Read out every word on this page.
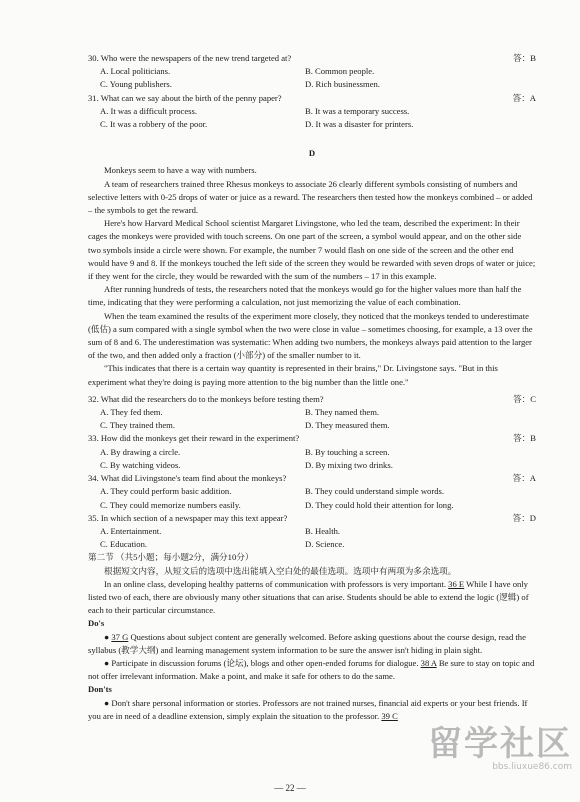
30. Who were the newspapers of the new trend targeted at?	答：B
A. Local politicians.	B. Common people.
C. Young publishers.	D. Rich businessmen.
31. What can we say about the birth of the penny paper?	答：A
A. It was a difficult process.	B. It was a temporary success.
C. It was a robbery of the poor.	D. It was a disaster for printers.
D

Monkeys seem to have a way with numbers.

A team of researchers trained three Rhesus monkeys to associate 26 clearly different symbols consisting of numbers and selective letters with 0-25 drops of water or juice as a reward. The researchers then tested how the monkeys combined – or added – the symbols to get the reward.

Here's how Harvard Medical School scientist Margaret Livingstone, who led the team, described the experiment: In their cages the monkeys were provided with touch screens. On one part of the screen, a symbol would appear, and on the other side two symbols inside a circle were shown. For example, the number 7 would flash on one side of the screen and the other end would have 9 and 8. If the monkeys touched the left side of the screen they would be rewarded with seven drops of water or juice; if they went for the circle, they would be rewarded with the sum of the numbers – 17 in this example.

After running hundreds of tests, the researchers noted that the monkeys would go for the higher values more than half the time, indicating that they were performing a calculation, not just memorizing the value of each combination.

When the team examined the results of the experiment more closely, they noticed that the monkeys tended to underestimate (低估) a sum compared with a single symbol when the two were close in value – sometimes choosing, for example, a 13 over the sum of 8 and 6. The underestimation was systematic: When adding two numbers, the monkeys always paid attention to the larger of the two, and then added only a fraction (小部分) of the smaller number to it.

"This indicates that there is a certain way quantity is represented in their brains," Dr. Livingstone says. "But in this experiment what they're doing is paying more attention to the big number than the little one."

32. What did the researchers do to the monkeys before testing them?	答：C
A. They fed them.	B. They named them.
C. They trained them.	D. They measured them.
33. How did the monkeys get their reward in the experiment?	答：B
A. By drawing a circle.	B. By touching a screen.
C. By watching videos.	D. By mixing two drinks.
34. What did Livingstone's team find about the monkeys?	答：A
A. They could perform basic addition.	B. They could understand simple words.
C. They could memorize numbers easily.	D. They could hold their attention for long.
35. In which section of a newspaper may this text appear?	答：D
A. Entertainment.	B. Health.
C. Education.	D. Science.

第二节 （共5小题；每小题2分，满分10分）

根据短文内容，从短文后的选项中选出能填入空白处的最佳选项。选项中有两项为多余选项。

In an online class, developing healthy patterns of communication with professors is very important. 36 E While I have only listed two of each, there are obviously many other situations that can arise. Students should be able to extend the logic (逻辑) of each to their particular circumstance.

Do's

● 37 G Questions about subject content are generally welcomed. Before asking questions about the course design, read the syllabus (教学大纲) and learning management system information to be sure the answer isn't hiding in plain sight.

● Participate in discussion forums (论坛), blogs and other open-ended forums for dialogue. 38 A Be sure to stay on topic and not offer irrelevant information. Make a point, and make it safe for others to do the same.

Don'ts

● Don't share personal information or stories. Professors are not trained nurses, financial aid experts or your best friends. If you are in need of a deadline extension, simply explain the situation to the professor. 39 C

— 22 —
留学社区
bbs.liuxue86.com
